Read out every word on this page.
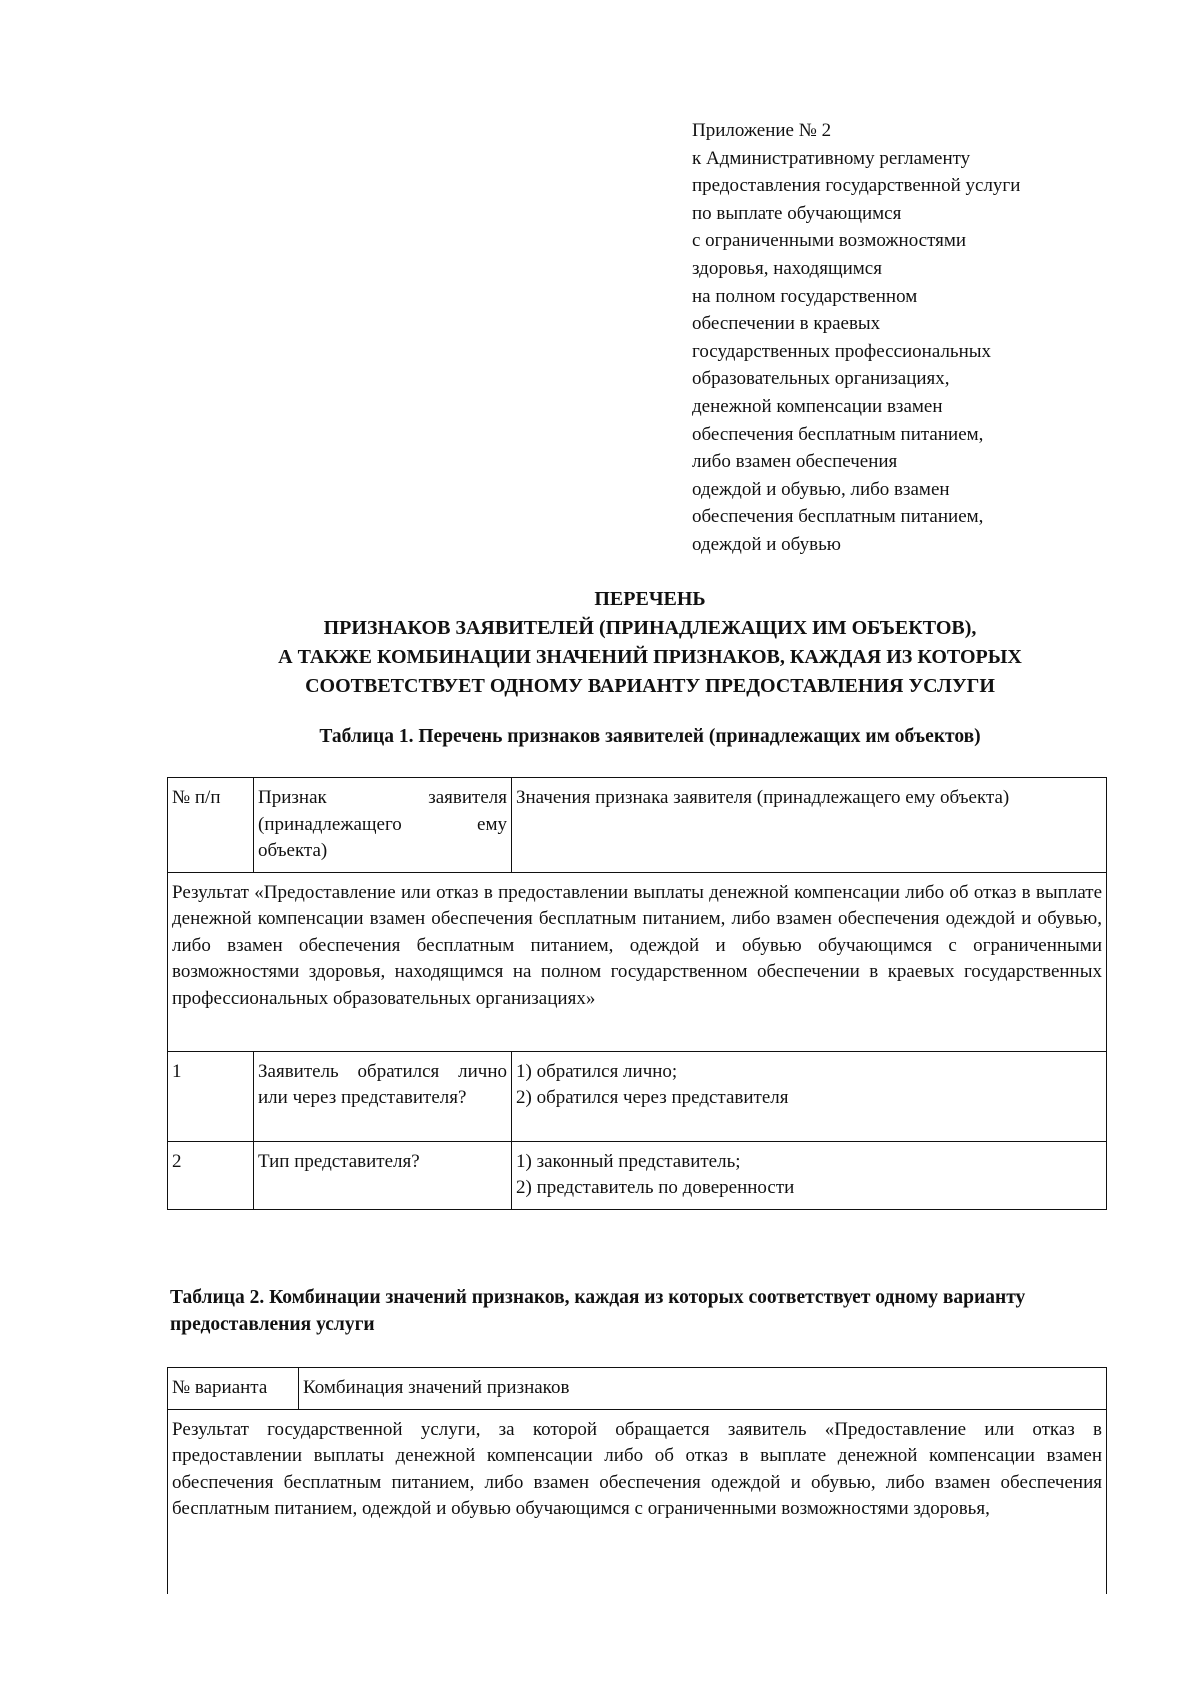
Приложение № 2
к Административному регламенту
предоставления государственной услуги
по выплате обучающимся
с ограниченными возможностями
здоровья, находящимся
на полном государственном
обеспечении в краевых
государственных профессиональных
образовательных организациях,
денежной компенсации взамен
обеспечения бесплатным питанием,
либо взамен обеспечения
одеждой и обувью, либо взамен
обеспечения бесплатным питанием,
одеждой и обувью
ПЕРЕЧЕНЬ
ПРИЗНАКОВ ЗАЯВИТЕЛЕЙ (ПРИНАДЛЕЖАЩИХ ИМ ОБЪЕКТОВ),
А ТАКЖЕ КОМБИНАЦИИ ЗНАЧЕНИЙ ПРИЗНАКОВ, КАЖДАЯ ИЗ КОТОРЫХ
СООТВЕТСТВУЕТ ОДНОМУ ВАРИАНТУ ПРЕДОСТАВЛЕНИЯ УСЛУГИ
Таблица 1. Перечень признаков заявителей (принадлежащих им объектов)
№ п/п	Признак заявителя (принадлежащего ему объекта)	Значения признака заявителя (принадлежащего ему объекта)
Результат «Предоставление или отказ в предоставлении выплаты денежной компенсации либо об отказ в выплате денежной компенсации взамен обеспечения бесплатным питанием, либо взамен обеспечения одеждой и обувью, либо взамен обеспечения бесплатным питанием, одеждой и обувью обучающимся с ограниченными возможностями здоровья, находящимся на полном государственном обеспечении в краевых государственных профессиональных образовательных организациях»		
1	Заявитель обратился лично или через представителя?	1) обратился лично;
2) обратился через представителя

2	Тип представителя?	1) законный представитель;
2) представитель по доверенности
Таблица 2. Комбинации значений признаков, каждая из которых соответствует одному варианту предоставления услуги
№ варианта	Комбинация значений признаков
Результат государственной услуги, за которой обращается заявитель «Предоставление или отказ в предоставлении выплаты денежной компенсации либо об отказ в выплате денежной компенсации взамен обеспечения бесплатным питанием, либо взамен обеспечения одеждой и обувью, либо взамен обеспечения бесплатным питанием, одеждой и обувью обучающимся с ограниченными возможностями здоровья,
